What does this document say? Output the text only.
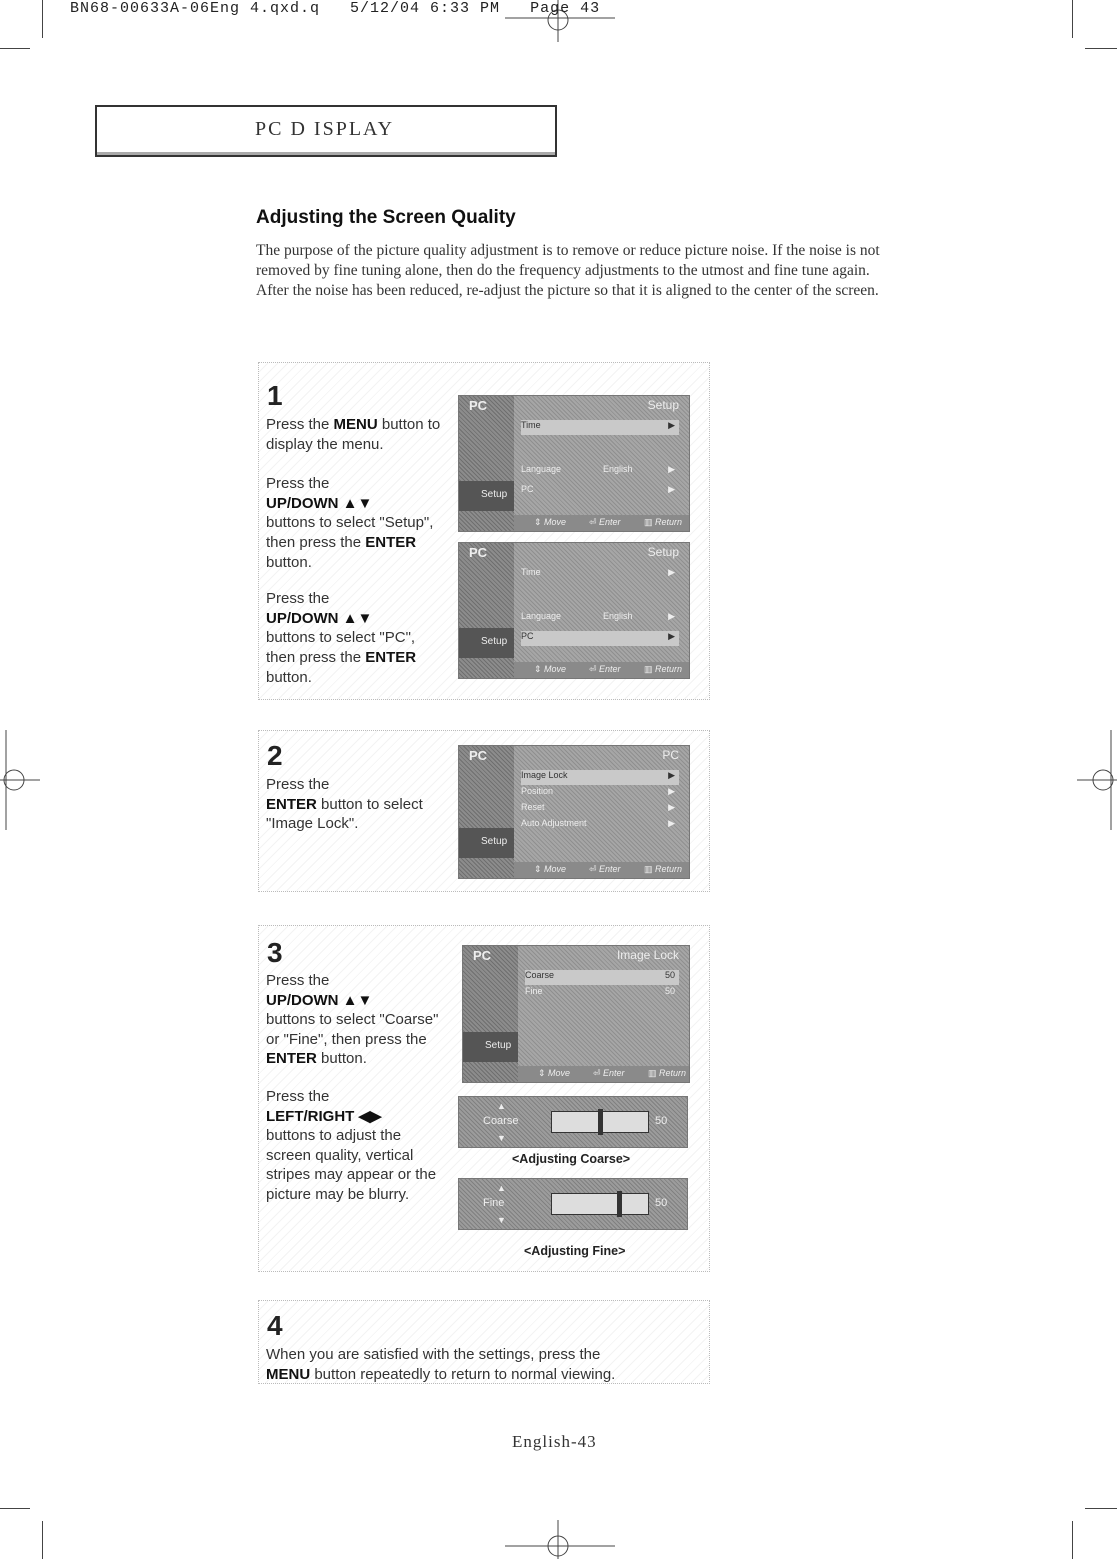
BN68-00633A-06Eng 4.qxd.q   5/12/04 6:33 PM   Page 43
PC D ISPLAY
Adjusting the Screen Quality
The purpose of the picture quality adjustment is to remove or reduce picture noise. If the noise is not removed by fine tuning alone, then do the frequency adjustments to the utmost and fine tune again. After the noise has been reduced, re-adjust the picture so that it is aligned to the center of the screen.
1
Press the MENU button to display the menu.
Press the
UP/DOWN ▲▼
buttons to select "Setup", then press the ENTER button.
Press the
UP/DOWN ▲▼
buttons to select "PC", then press the ENTER button.
PC
Setup
Setup
Time	▶
Language	English	▶
PC	▶
⇕ Move	⏎ Enter	▥ Return
PC
Setup
Setup
Time	▶
Language	English	▶
PC	▶
⇕ Move	⏎ Enter	▥ Return
2
Press the
ENTER button to select "Image Lock".
PC
Setup
PC
Image Lock	▶
Position	▶
Reset	▶
Auto Adjustment	▶
⇕ Move	⏎ Enter	▥ Return
3
Press the
UP/DOWN ▲▼
buttons to select "Coarse" or "Fine", then press the ENTER button.
Press the
LEFT/RIGHT ◀▶
buttons to adjust the screen quality, vertical stripes may appear or the picture may be blurry.
PC
Setup
Image Lock
Coarse	50
Fine	50
⇕ Move	⏎ Enter	▥ Return
▲
Coarse
▼
50
<Adjusting Coarse>
▲
Fine
▼
50
<Adjusting Fine>
4
When you are satisfied with the settings, press the
MENU button repeatedly to return to normal viewing.
English-43
